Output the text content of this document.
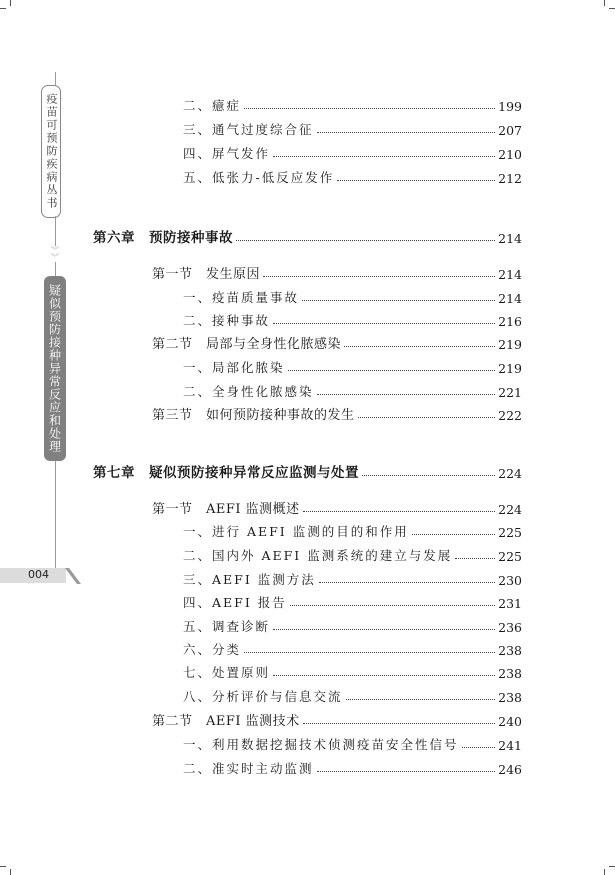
疫苗可预防疾病丛书
︾
︾
疑似预防接种异常反应和处理
004
二、癔症	199
三、通气过度综合征	207
四、屏气发作	210
五、低张力-低反应发作	212
第六章　预防接种事故	214
第一节　发生原因	214
一、疫苗质量事故	214
二、接种事故	216
第二节　局部与全身性化脓感染	219
一、局部化脓染	219
二、全身性化脓感染	221
第三节　如何预防接种事故的发生	222
第七章　疑似预防接种异常反应监测与处置	224
第一节　AEFI 监测概述	224
一、进行 AEFI 监测的目的和作用	225
二、国内外 AEFI 监测系统的建立与发展	225
三、AEFI 监测方法	230
四、AEFI 报告	231
五、调查诊断	236
六、分类	238
七、处置原则	238
八、分析评价与信息交流	238
第二节　AEFI 监测技术	240
一、利用数据挖掘技术侦测疫苗安全性信号	241
二、准实时主动监测	246
